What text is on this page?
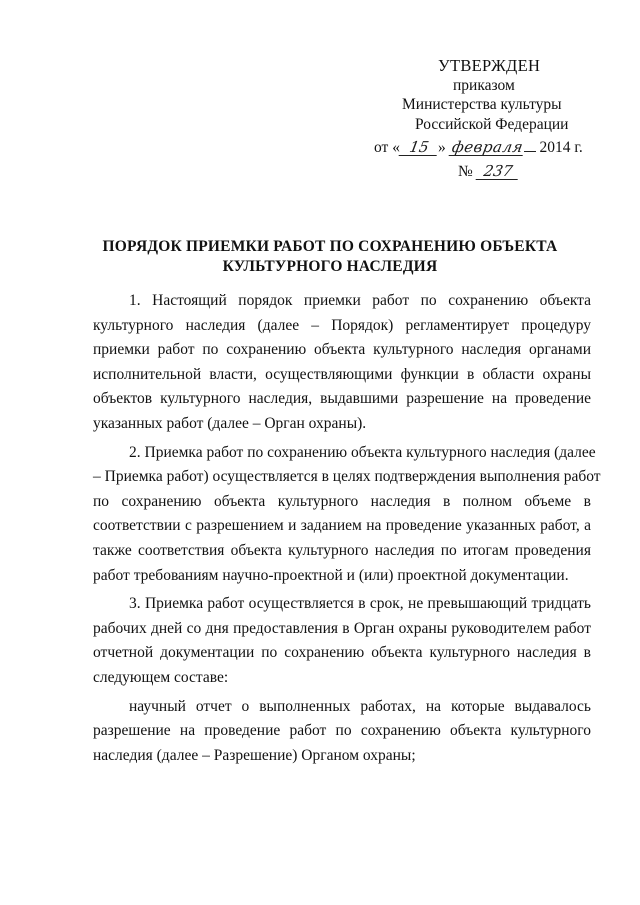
УТВЕРЖДЕН
приказом
Министерства культуры
Российской Федерации
от « 15 » февраля 2014 г.
№ 237
ПОРЯДОК ПРИЕМКИ РАБОТ ПО СОХРАНЕНИЮ ОБЪЕКТА
КУЛЬТУРНОГО НАСЛЕДИЯ
1. Настоящий порядок приемки работ по сохранению объекта
культурного наследия (далее – Порядок) регламентирует процедуру
приемки работ по сохранению объекта культурного наследия органами
исполнительной власти, осуществляющими функции в области охраны
объектов культурного наследия, выдавшими разрешение на проведение
указанных работ (далее – Орган охраны).
2. Приемка работ по сохранению объекта культурного наследия (далее
– Приемка работ) осуществляется в целях подтверждения выполнения работ
по сохранению объекта культурного наследия в полном объеме в
соответствии с разрешением и заданием на проведение указанных работ, а
также соответствия объекта культурного наследия по итогам проведения
работ требованиям научно-проектной и (или) проектной документации.
3. Приемка работ осуществляется в срок, не превышающий тридцать
рабочих дней со дня предоставления в Орган охраны руководителем работ
отчетной документации по сохранению объекта культурного наследия в
следующем составе:
научный отчет о выполненных работах, на которые выдавалось
разрешение на проведение работ по сохранению объекта культурного
наследия (далее – Разрешение) Органом охраны;
